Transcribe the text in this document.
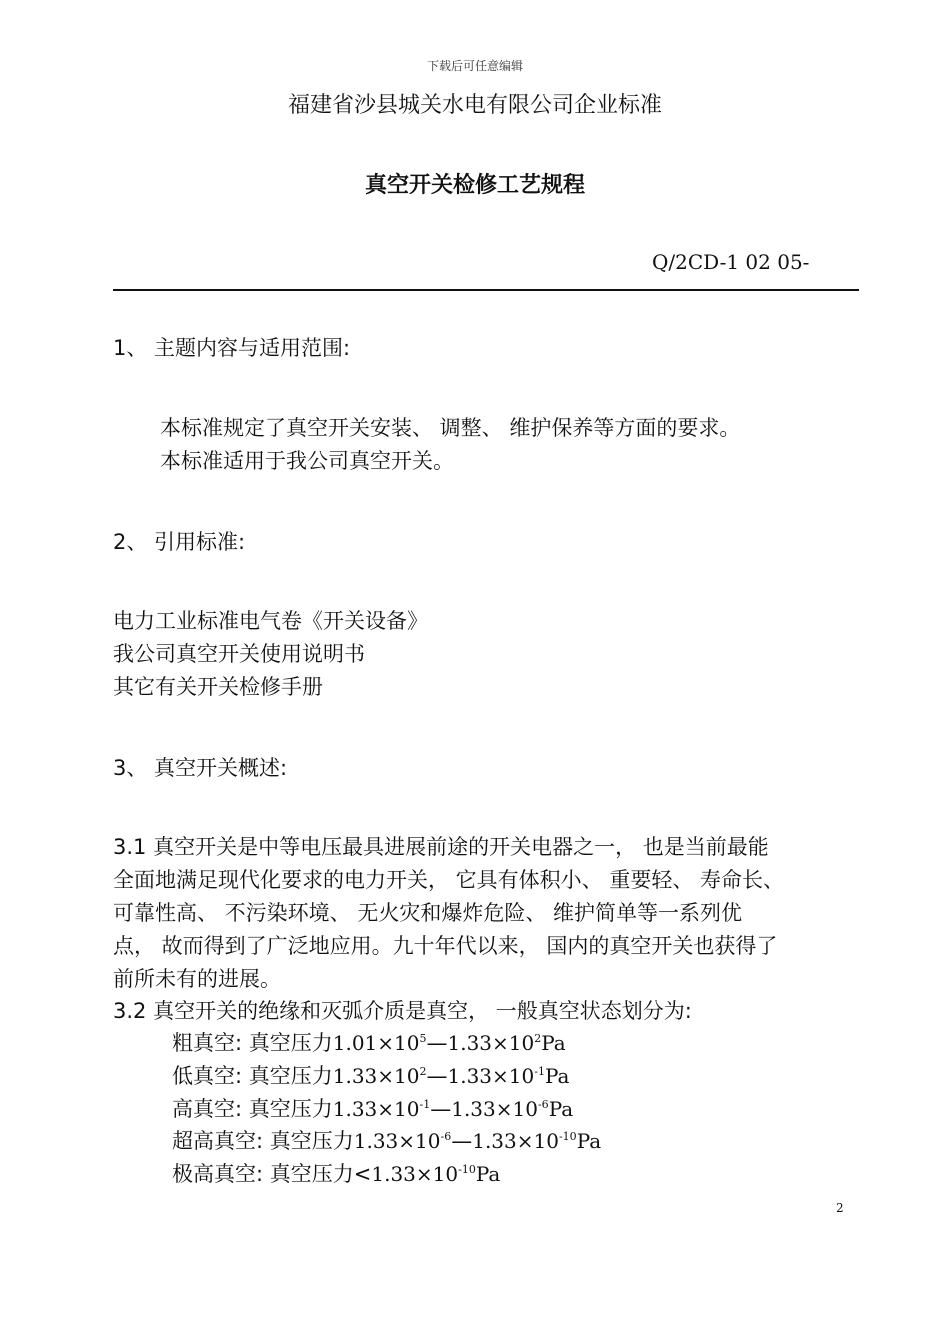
下载后可任意编辑
福建省沙县城关水电有限公司企业标准
真空开关检修工艺规程
Q/2CD-1 02 05-
1、 主题内容与适用范围:
本标准规定了真空开关安装、 调整、 维护保养等方面的要求。
本标准适用于我公司真空开关。
2、 引用标准:
电力工业标准电气卷《开关设备》
我公司真空开关使用说明书
其它有关开关检修手册
3、 真空开关概述:
3.1 真空开关是中等电压最具进展前途的开关电器之一， 也是当前最能
全面地满足现代化要求的电力开关， 它具有体积小、 重要轻、 寿命长、
可靠性高、 不污染环境、 无火灾和爆炸危险、 维护简单等一系列优
点， 故而得到了广泛地应用。九十年代以来， 国内的真空开关也获得了
前所未有的进展。
3.2 真空开关的绝缘和灭弧介质是真空， 一般真空状态划分为:
粗真空: 真空压力$1.01\times 10^5—1.33\times 10^2Pa$
低真空: 真空压力$1.33\times 10^2—1.33\times 10^{-1}Pa$
高真空: 真空压力$1.33\times 10^{-1}—1.33\times 10^{-6}Pa$
超高真空: 真空压力$1.33\times 10^{-6}—1.33\times 10^{-10}Pa$
极高真空: 真空压力$<1.33\times 10^{-10}Pa$
2
